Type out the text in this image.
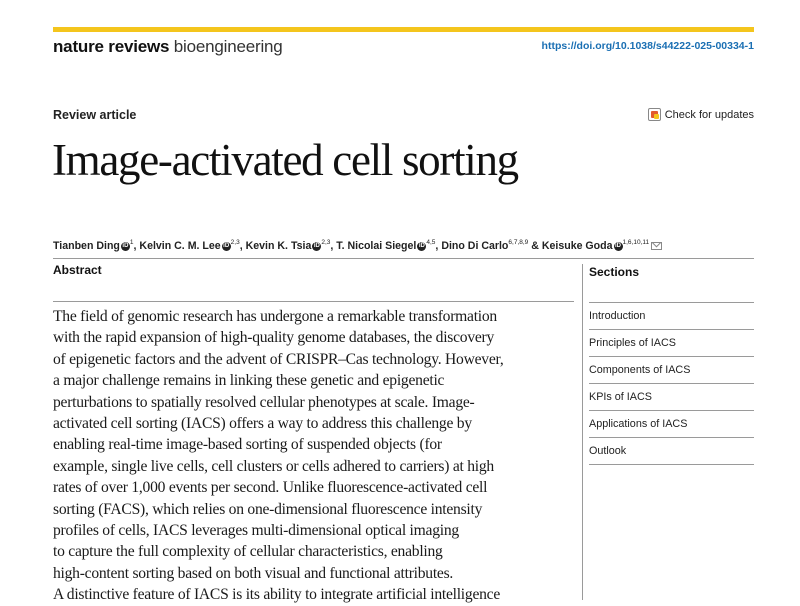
nature reviews bioengineering	https://doi.org/10.1038/s44222-025-00334-1
Review article	Check for updates
Image-activated cell sorting
Tianben Ding iD $^1$, Kelvin C. M. Lee iD $^{2,3}$, Kevin K. Tsia iD $^{2,3}$, T. Nicolai Siegel iD $^{4,5}$, Dino Di Carlo$^{6,7,8,9}$ & Keisuke Goda iD $^{1,6,10,11}$
Abstract

The field of genomic research has undergone a remarkable transformation
with the rapid expansion of high-quality genome databases, the discovery
of epigenetic factors and the advent of CRISPR–Cas technology. However,
a major challenge remains in linking these genetic and epigenetic
perturbations to spatially resolved cellular phenotypes at scale. Image-
activated cell sorting (IACS) offers a way to address this challenge by
enabling real-time image-based sorting of suspended objects (for
example, single live cells, cell clusters or cells adhered to carriers) at high
rates of over 1,000 events per second. Unlike fluorescence-activated cell
sorting (FACS), which relies on one-dimensional fluorescence intensity
profiles of cells, IACS leverages multi-dimensional optical imaging
to capture the full complexity of cellular characteristics, enabling
high-content sorting based on both visual and functional attributes.
A distinctive feature of IACS is its ability to integrate artificial intelligence

Sections
Introduction
Principles of IACS
Components of IACS
KPIs of IACS
Applications of IACS
Outlook
